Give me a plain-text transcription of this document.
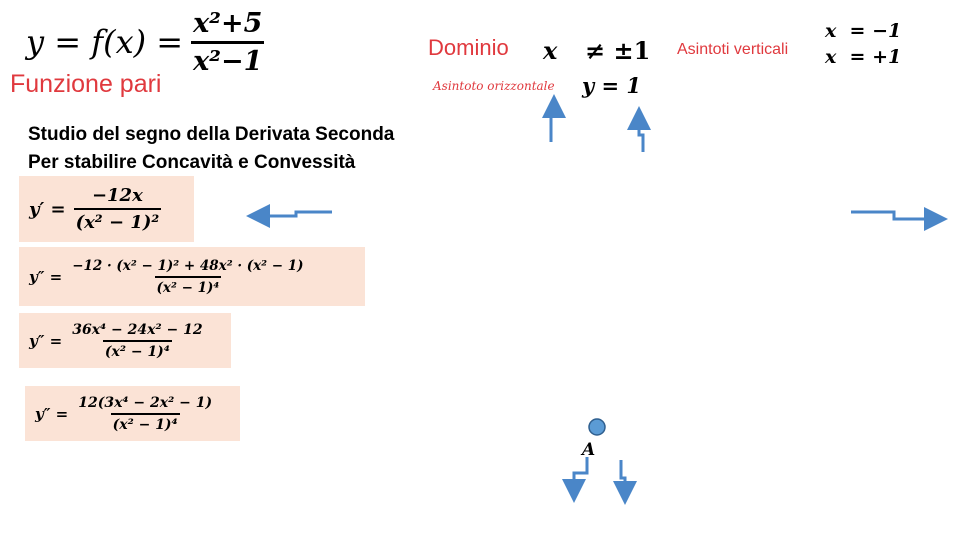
$y = f(x) = \frac{\text{x²+5}}{\text{x²−1}}$
Funzione pari
Dominio x ≠ ±1
Asintoto orizzontale y = 1
Asintoti verticali
x  = −1
x  = +1
Studio del segno della Derivata Seconda
Per stabilire Concavità e Convessità
$y' = \frac{-12x}{\text{(x² − 1)²}}$
$y'' = \frac{\text{−12 · (x² − 1)² + 48x² · (x² − 1)}}{\text{(x² − 1)⁴}}$
$y'' = \frac{\text{36x⁴ − 24x² − 12}}{\text{(x² − 1)⁴}}$
$y'' = \frac{\text{12(3x⁴ − 2x² − 1)}}{\text{(x² − 1)⁴}}$
A
